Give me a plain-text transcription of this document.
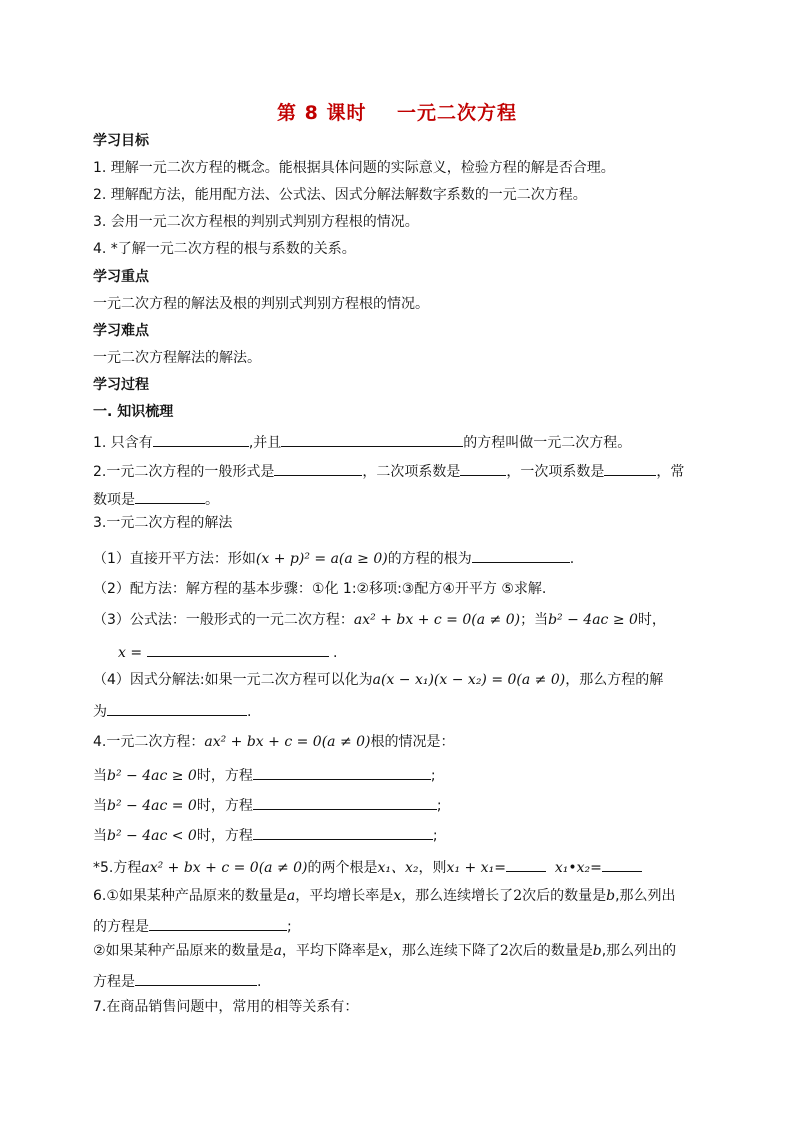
第 8 课时 一元二次方程
学习目标
1. 理解一元二次方程的概念。能根据具体问题的实际意义，检验方程的解是否合理。
2. 理解配方法，能用配方法、公式法、因式分解法解数字系数的一元二次方程。
3. 会用一元二次方程根的判别式判别方程根的情况。
4. *了解一元二次方程的根与系数的关系。
学习重点
一元二次方程的解法及根的判别式判别方程根的情况。
学习难点
一元二次方程解法的解法。
学习过程
一. 知识梳理
1. 只含有	,并且	的方程叫做一元二次方程。
2.一元二次方程的一般形式是	，二次项系数是	，一次项系数是	，常
数项是	。
3.一元二次方程的解法
（1）直接开平方法：形如(x + p)² = a(a ≥ 0)的方程的根为	.
（2）配方法：解方程的基本步骤：①化 1:②移项:③配方④开平方 ⑤求解.
（3）公式法：一般形式的一元二次方程：ax² + bx + c = 0(a ≠ 0)；当b² − 4ac ≥ 0时，
x =	.
（4）因式分解法:如果一元二次方程可以化为a(x − x₁)(x − x₂) = 0(a ≠ 0)，那么方程的解
为	.
4.一元二次方程：ax² + bx + c = 0(a ≠ 0)根的情况是：
当b² − 4ac ≥ 0时，方程	;
当b² − 4ac = 0时，方程	;
当b² − 4ac < 0时，方程	;
*5.方程ax² + bx + c = 0(a ≠ 0)的两个根是x₁、x₂，则x₁ + x₁=	x₁•x₂=
6.①如果某种产品原来的数量是a，平均增长率是x，那么连续增长了2次后的数量是b,那么列出
的方程是	;
②如果某种产品原来的数量是a，平均下降率是x，那么连续下降了2次后的数量是b,那么列出的
方程是	.
7.在商品销售问题中，常用的相等关系有：
